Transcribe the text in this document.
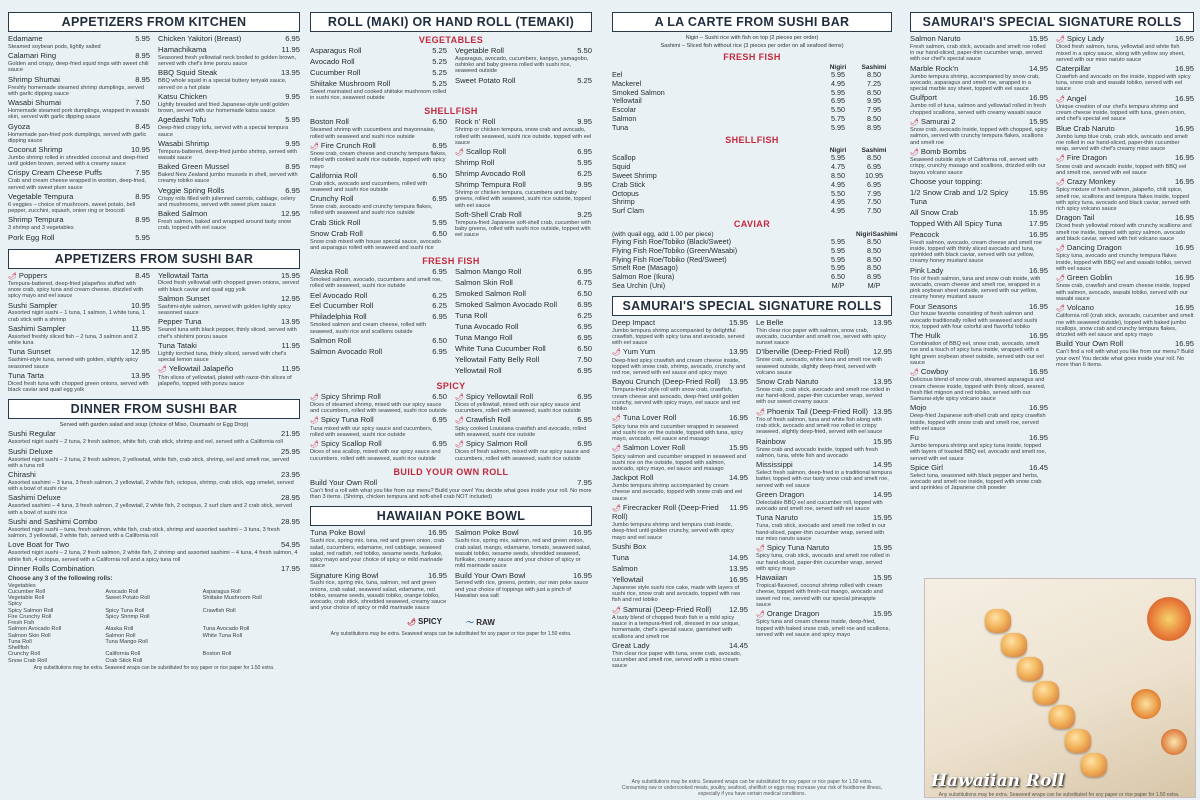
APPETIZERS FROM KITCHEN
Edamame	5.95
Steamed soybean pods, lightly salted
Calamari Ring	8.95
Golden and crispy, deep-fried squid rings with sweet chili sauce
Shrimp Shumai	8.95
Freshly homemade steamed shrimp dumplings, served with garlic dipping sauce
Wasabi Shumai	7.50
Homemade steamed pork dumplings, wrapped in wasabi skin, served with garlic dipping sauce
Gyoza	8.45
Homemade pan-fried pork dumplings, served with garlic dipping sauce
Coconut Shrimp	10.95
Jumbo shrimp rolled in shredded coconut and deep-fried until golden brown, served with a creamy sauce
Crispy Cream Cheese Puffs	7.95
Crab and cream cheese wrapped in wonton, deep-fried, served with sweet plum sauce
Vegetable Tempura	8.95
6 veggies – choice of mushroom, sweet potato, bell pepper, zucchini, squash, onion ring or broccoli
Shrimp Tempura	8.95
3 shrimp and 3 vegetables
Pork Egg Roll	5.95
Chicken Yakitori (Breast)	6.95
Hamachikama	11.95
Seasoned fresh yellowtail neck broiled to golden brown, served with chef's lime ponzu sauce
BBQ Squid Steak	13.95
BBQ whole squid in a special buttery teriyaki sauce, served on a hot plate
Katsu Chicken	9.95
Lightly breaded and fried Japanese-style until golden brown, served with our homemade katsu sauce
Agedashi Tofu	5.95
Deep-fried crispy tofu, served with a special tempura sauce
Wasabi Shrimp	9.95
Tempura-battered, deep-fried jumbo shrimp, served with wasabi sauce
Baked Green Mussel	8.95
Baked New Zealand jumbo mussels in shell, served with creamy tobiko sauce
Veggie Spring Rolls	6.95
Crispy rolls filled with julienned carrots, cabbage, celery and mushrooms, served with sweet plum sauce
Baked Salmon	12.95
Fresh salmon, baked and wrapped around tasty snow crab, topped with eel sauce
APPETIZERS FROM SUSHI BAR
🌶 Poppers	8.45
Tempura-battered, deep-fried jalapeños stuffed with snow crab, spicy tuna and cream cheese, drizzled with spicy mayo and eel sauce
Sushi Sampler	10.95
Assorted nigiri sushi – 1 tuna, 1 salmon, 1 white tuna, 1 crab stick with a shrimp
Sashimi Sampler	11.95
Assorted freshly sliced fish – 2 tuna, 3 salmon and 2 white tuna
Tuna Sunset	12.95
Sashimi-style tuna, served with golden, slightly spicy seasoned sauce
Tuna Tarta	13.95
Diced fresh tuna with chopped green onions, served with black caviar and quail egg yolk
Yellowtail Tarta	15.95
Diced fresh yellowtail with chopped green onions, served with black caviar and quail egg yolk
Salmon Sunset	12.95
Sashimi-style salmon, served with golden lightly spicy seasoned sauce
Pepper Tuna	13.95
Seared tuna with black pepper, thinly sliced, served with chef's shishimi ponzu sauce
Tuna Tataki	11.95
Lightly torched tuna, thinly sliced, served with chef's special lemon sauce
🌶 Yellowtail Jalapeño	11.95
Thin slices of yellowtail, plated with razor-thin slices of jalapeño, topped with ponzu sauce
DINNER FROM SUSHI BAR
Served with garden salad and soup (choice of Miso, Osumashi or Egg Drop)
Sushi Regular	21.95
Assorted nigiri sushi – 2 tuna, 2 fresh salmon, white fish, crab stick, shrimp and eel, served with a California roll
Sushi Deluxe	25.95
Assorted nigiri sushi – 2 tuna, 2 fresh salmon, 2 yellowtail, white fish, crab stick, shrimp, eel and smelt roe, served with a tuna roll
Chirashi	23.95
Assorted sashimi – 3 tuna, 3 fresh salmon, 2 yellowtail, 2 white fish, octopus, shrimp, crab stick, egg omelet, served with a bowl of sushi rice
Sashimi Deluxe	28.95
Assorted sashimi – 4 tuna, 3 fresh salmon, 2 yellowtail, 2 white fish, 2 octopus, 2 surf clam and 2 crab stick, served with a bowl of sushi rice
Sushi and Sashimi Combo	28.95
Assorted nigiri sushi – tuna, fresh salmon, white fish, crab stick, shrimp and assorted sashimi – 3 tuna, 3 fresh salmon, 3 yellowtail, 3 white fish, served with a California roll
Love Boat for Two	54.95
Assorted nigiri sushi – 2 tuna, 2 fresh salmon, 2 white fish, 2 shrimp and assorted sashimi – 4 tuna, 4 fresh salmon, 4 white fish, 4 octopus, served with a California roll and a spicy tuna roll
Dinner Rolls Combination	17.95
Choose any 3 of the following rolls:
Vegetables
Cucumber Roll	Avocado Roll	Asparagus Roll
Vegetable Roll	Sweet Potato Roll	Shiitake Mushroom Roll
Spicy
Spicy Salmon Roll	Spicy Tuna Roll	Crawfish Roll
Fire Crunchy Roll	Spicy Shrimp Roll
Fresh Fish
Salmon Avocado Roll	Alaska Roll	Tuna Avocado Roll
Salmon Skin Roll	Salmon Roll	White Tuna Roll
Tuna Roll	Tuna Mango Roll
Shellfish
Crunchy Roll	California Roll	Boston Roll
Snow Crab Roll	Crab Stick Roll
Any substitutions may be extra. Seaweed wraps can be substituted for soy paper or rice paper for 1.50 extra.
ROLL (MAKI) OR HAND ROLL (TEMAKI)
VEGETABLES
Asparagus Roll	5.25
Avocado Roll	5.25
Cucumber Roll	5.25
Shiitake Mushroom Roll	5.25
Sweet marinated and cooked shiitake mushroom rolled in sushi rice, seaweed outside
Vegetable Roll	5.50
Asparagus, avocado, cucumbers, kanpyo, yamagobo, oshinko and baby greens rolled with sushi rice, seaweed outside
Sweet Potato Roll	5.25
SHELLFISH
Boston Roll	6.50
Steamed shrimp with cucumbers and mayonnaise, rolled with seaweed and sushi rice outside
🌶 Fire Crunch Roll	6.95
Snow crab, cream cheese and crunchy tempura flakes, rolled with cooked sushi rice outside, topped with spicy mayo
California Roll	6.50
Crab stick, avocado and cucumbers, rolled with seaweed and sushi rice outside
Crunchy Roll	6.95
Snow crab, avocado and crunchy tempura flakes, rolled with seaweed and sushi rice outside
Crab Stick Roll	5.95
Snow Crab Roll	6.50
Snow crab mixed with house special sauce, avocado and asparagus rolled with seaweed and sushi rice
Rock n' Roll	9.95
Shrimp or chicken tempura, snow crab and avocado, rolled with seaweed, sushi rice outside, topped with eel sauce
🌶 Scallop Roll	6.95
Shrimp Roll	5.95
Shrimp Avocado Roll	6.25
Shrimp Tempura Roll	9.95
Shrimp or chicken tempura, cucumbers and baby greens, rolled with seaweed, sushi rice outside, topped with eel sauce
Soft-Shell Crab Roll	9.25
Tempura-fried Japanese soft-shell crab, cucumber with baby greens, rolled with sushi rice outside, topped with eel sauce
FRESH FISH
Alaska Roll	6.95
Smoked salmon, avocado, cucumbers and smelt roe, rolled with seaweed, sushi rice outside
Eel Avocado Roll	6.25
Eel Cucumber Roll	6.25
Philadelphia Roll	6.95
Smoked salmon and cream cheese, rolled with seaweed, sushi rice and scallions outside
Salmon Roll	6.50
Salmon Avocado Roll	6.95
Salmon Mango Roll	6.95
Salmon Skin Roll	6.75
Smoked Salmon Roll	6.50
Smoked Salmon Avocado Roll	6.95
Tuna Roll	6.25
Tuna Avocado Roll	6.95
Tuna Mango Roll	6.95
White Tuna Cucumber Roll	6.50
Yellowtail Fatty Belly Roll	7.50
Yellowtail Roll	6.95
SPICY
🌶 Spicy Shrimp Roll	6.50
Dices of steamed shrimp, mixed with our spicy sauce and cucumbers, rolled with seaweed, sushi rice outside
🌶 Spicy Tuna Roll	6.95
Tuna mixed with our spicy sauce and cucumbers, rolled with seaweed, sushi rice outside
🌶 Spicy Scallop Roll	6.95
Dices of sea scallop, mixed with our spicy sauce and cucumbers, rolled with seaweed, sushi rice outside
🌶 Spicy Yellowtail Roll	6.95
Dices of yellowtail, mixed with our spicy sauce and cucumbers, rolled with seaweed, sushi rice outside
🌶 Crawfish Roll	6.95
Spicy cooked Louisiana crawfish and avocado, rolled with seaweed, sushi rice outside
🌶 Spicy Salmon Roll	6.95
Dices of fresh salmon, mixed with our spicy sauce and cucumbers, rolled with seaweed, sushi rice outside
BUILD YOUR OWN ROLL
Build Your Own Roll	7.95
Can't find a roll with what you like from our menu? Build your own! You decide what goes inside your roll. No more than 3 items. (Shrimp, chicken tempura and soft-shell crab NOT included)
HAWAIIAN POKE BOWL
Tuna Poke Bowl	16.95
Sushi rice, spring mix, tuna, red and green onion, crab salad, cucumbers, edamame, red cabbage, seaweed salad, red radish, red tobiko, sesame seeds, furikake, spicy mayo and your choice of spicy or mild marinade sauce
Signature King Bowl	16.95
Sushi rice, spring mix, tuna, salmon, red and green onions, crab salad, seaweed salad, edamame, red tobiko, sesame seeds, wasabi tobiko, orange tobiko, avocado, crab stick, shredded seaweed, creamy sauce and your choice of spicy or mild marinade sauce
Salmon Poke Bowl	16.95
Sushi rice, spring mix, salmon, red and green onion, crab salad, mango, edamame, tomato, seaweed salad, wasabi tobiko, sesame seeds, shredded seaweed, furikake, creamy sauce and your choice of spicy or mild marinade sauce
Build Your Own Bowl	16.95
Served with rice, greens, protein, our own poke sauce and your choice of toppings with just a pinch of Hawaiian sea salt
🌶 SPICY	〜 RAW
Any substitutions may be extra. Seaweed wraps can be substituted for soy paper or rice paper for 1.50 extra.
A LA CARTE FROM SUSHI BAR
Nigiri – Sushi rice with fish on top (2 pieces per order)
Sashimi – Sliced fish without rice (3 pieces per order on all seafood items)
FRESH FISH
Nigiri	Sashimi
Eel	5.95	8.50
Mackerel	4.95	7.25
Smoked Salmon	5.95	8.50
Yellowtail	6.95	9.95
Escolar	5.50	7.95
Salmon	5.75	8.50
Tuna	5.95	8.95
SHELLFISH
Nigiri	Sashimi
Scallop	5.95	8.50
Squid	4.75	6.95
Sweet Shrimp	8.50	10.95
Crab Stick	4.95	6.95
Octopus	5.50	7.95
Shrimp	4.95	7.50
Surf Clam	4.95	7.50
CAVIAR
(with quail egg, add 1.00 per piece)	Nigiri Sashimi
Flying Fish Roe/Tobiko (Black/Sweet)	5.95	8.50
Flying Fish Roe/Tobiko (Green/Wasabi)	5.95	8.50
Flying Fish Roe/Tobiko (Red/Sweet)	5.95	8.50
Smelt Roe (Masago)	5.95	8.50
Salmon Roe (Ikura)	6.50	8.95
Sea Urchin (Uni)	M/P	M/P
SAMURAI'S SPECIAL SIGNATURE ROLLS
Deep Impact	15.95
Jumbo tempura shrimp accompanied by delightful crawfish, topped with spicy tuna and avocado, served with eel sauce
🌶 Yum Yum	13.95
Deep-fried spicy crawfish and cream cheese inside, topped with snow crab, shrimp, avocado, crunchy and red roe, served with eel sauce and spicy mayo
Bayou Crunch (Deep-Fried Roll) 13.95
Tempura-fried style roll with snow crab, crawfish, cream cheese and avocado, deep-fried until golden crunchy, served with spicy mayo, eel sauce and red tobiko
🌶 Tuna Lover Roll	16.95
Spicy tuna mix and cucumber wrapped in seaweed and sushi rice on the outside, topped with tuna, spicy mayo, avocado, eel sauce and masago
🌶 Salmon Lover Roll	15.95
Spicy salmon and cucumber wrapped in seaweed and sushi rice on the outside, topped with salmon, avocado, spicy mayo, eel sauce and masago
Jackpot Roll	14.95
Jumbo tempura shrimp accompanied by cream cheese and avocado, topped with snow crab and eel sauce
🌶 Firecracker Roll (Deep-Fried Roll)
11.95
Jumbo tempura shrimp and tempura crab inside, deep-fried until golden crunchy, served with spicy mayo and eel sauce
Sushi Box
Tuna	14.95
Salmon	13.95
Yellowtail	16.95
Japanese style sushi rice cake, made with layers of sushi rice, snow crab and avocado, topped with raw fish and red tobiko
🌶 Samurai (Deep-Fried Roll) 12.95
A tasty blend of chopped fresh fish in a mild spicy sauce in a tempura-fried roll, dressed in our unique, homemade, chef's special sauce, garnished with scallions and smelt roe
Great Lady	14.45
Thin clear rice paper with tuna, snow crab, avocado, cucumber and smelt roe, served with a miso cream sauce
Le Belle	13.95
Thin clear rice paper with salmon, snow crab, avocado, cucumber and smelt roe, served with spicy sunset sauce
D'Iberville (Deep-Fried Roll)	12.95
Snow crab, avocado, white tuna and smelt roe with seaweed outside, slightly deep-fried, served with volcano sauce
Snow Crab Naruto	13.95
Snow crab, crab stick, avocado and smelt roe rolled in our hand-sliced, paper-thin cucumber wrap, served with our sweet creamy sauce
🌶 Phoenix Tail (Deep-Fried Roll) 13.95
Trio of fresh salmon, tuna and white fish along with crab stick, avocado and smelt roe rolled in crispy seaweed, slightly deep-fried, served with eel sauce
Rainbow	15.95
Snow crab and avocado inside, topped with fresh salmon, tuna, white fish and avocado
Mississippi	14.95
Select fresh salmon, deep-fried in a traditional tempura batter, topped with our tasty snow crab and smelt roe, served with eel sauce
Green Dragon	14.95
Delectable BBQ eel and cucumber roll, topped with avocado and smelt roe, served with eel sauce
Tuna Naruto	15.95
Tuna, crab stick, avocado and smelt roe rolled in our hand-sliced, paper-thin cucumber wrap, served with our miso naruto sauce
🌶 Spicy Tuna Naruto	15.95
Spicy tuna, crab stick, avocado and smelt roe rolled in our hand-sliced, paper-thin cucumber wrap, served with spicy mayo
Hawaiian	15.95
Tropical-flavored, coconut shrimp rolled with cream cheese, topped with fresh-cut mango, avocado and sweet red roe, served with our special pineapple sauce
🌶 Orange Dragon	15.95
Spicy tuna and cream cheese inside, deep-fried, topped with baked snow crab, smelt roe and scallions, served with eel sauce and spicy mayo
Any substitutions may be extra. Seaweed wraps can be substituted for soy paper or rice paper for 1.50 extra.
Consuming raw or undercooked meats, poultry, seafood, shellfish or eggs may increase your risk of foodborne illness, especially if you have certain medical conditions.
SAMURAI'S SPECIAL SIGNATURE ROLLS
Salmon Naruto	15.95
Fresh salmon, crab stick, avocado and smelt roe rolled in our hand-sliced, paper-thin cucumber wrap, served with our chef's special sauce
Marble Rock'n	14.95
Jumbo tempura shrimp, accompanied by snow crab, avocado, asparagus and smelt roe, wrapped in a special marble soy sheet, topped with eel sauce
Gulfport	16.95
Jumbo roll of tuna, salmon and yellowtail rolled in fresh chopped scallions, served with creamy wasabi sauce
🌶 Samurai 2	15.95
Snow crab, avocado inside, topped with chopped, spicy salmon, served with crunchy tempura flakes, scallions and smelt roe
🌶 Bomb Bombs
Seaweed outside style of California roll, served with crispy, crunchy masago and scallions, drizzled with our bayou volcano sauce
Choose your topping:
1/2 Snow Crab and 1/2 Spicy Tuna
15.95
All Snow Crab	15.95
Topped With All Spicy Tuna	17.95
Peacock	16.95
Fresh salmon, avocado, cream cheese and smelt roe inside, topped with thinly sliced avocado and tuna, sprinkled with black caviar, served with our yellow, creamy honey mustard sauce
Pink Lady	16.95
Trio of fresh salmon, tuna and snow crab inside, with avocado, cream cheese and smelt roe, wrapped in a pink soybean sheet outside, served with our yellow, creamy honey mustard sauce
Four Seasons	16.95
Our house favorite consisting of fresh salmon and avocado traditionally rolled with seaweed and sushi rice, topped with four colorful and flavorful tobiko
The Hulk	16.95
Combination of BBQ eel, snow crab, avocado, smelt roe and a touch of spicy tuna inside, wrapped with a light green soybean sheet outside, served with our eel sauce
🌶 Cowboy	16.95
Delicious blend of snow crab, steamed asparagus and cream cheese inside, topped with thinly sliced, seared, fresh filet mignon and red tobiko, served with our Samurai-style spicy volcano sauce
Mojo	16.95
Deep-fried Japanese soft-shell crab and spicy crawfish inside, topped with snow crab and smelt roe, served with eel sauce
Fu	16.95
Jumbo tempura shrimp and spicy tuna inside, topped with layers of toasted BBQ eel, avocado and smelt roe, served with eel sauce
Spice Girl	16.45
Select tuna, seasoned with black pepper and herbs, avocado and smelt roe inside, topped with snow crab and sprinkles of Japanese chili powder
🌶 Spicy Lady	16.95
Diced fresh salmon, tuna, yellowtail and white fish mixed in a spicy sauce, along with yellow soy sheet, served with our miso naruto sauce
Caterpillar	16.95
Crawfish and avocado on the inside, topped with spicy tuna, snow crab and wasabi tobiko, served with eel sauce
🌶 Angel	16.95
Unique creation of our chef's tempura shrimp and cream cheese inside, topped with tuna, green onion, and chef's special eel sauce
Blue Crab Naruto	16.95
Jumbo lump blue crab, crab stick, avocado and smelt roe rolled in our hand-sliced, paper-thin cucumber wrap, served with chef's creamy miso sauce
🌶 Fire Dragon	16.95
Snow crab and avocado inside, topped with BBQ eel and smelt roe, served with eel sauce
🌶 Crazy Monkey	16.95
Spicy mixture of fresh salmon, jalapeño, chili spice, smelt roe, scallions and tempura flakes inside, topped with spicy tuna, avocado and black caviar, served with rich spicy volcano sauce
Dragon Tail	16.95
Diced fresh yellowtail mixed with crunchy scallions and smelt roe inside, topped with spicy salmon, avocado and black caviar, served with hot volcano sauce
🌶 Dancing Dragon	16.95
Spicy tuna, avocado and crunchy tempura flakes inside, topped with BBQ eel and wasabi tobiko, served with eel sauce
🌶 Green Goblin	16.95
Snow crab, crawfish and cream cheese inside, topped with salmon, avocado, wasabi tobiko, served with our wasabi sauce
🌶 Volcano	16.95
California roll (crab stick, avocado, cucumber and smelt roe with seaweed outside), topped with baked jumbo scallops, snow crab and crunchy tempura flakes, drizzled with eel sauce and spicy mayo
Build Your Own Roll	16.95
Can't find a roll with what you like from our menu? Build your own! You decide what goes inside your roll. No more than 6 items.
Hawaiian Roll
Any substitutions may be extra. Seaweed wraps can be substituted for soy paper or rice paper for 1.50 extra.
